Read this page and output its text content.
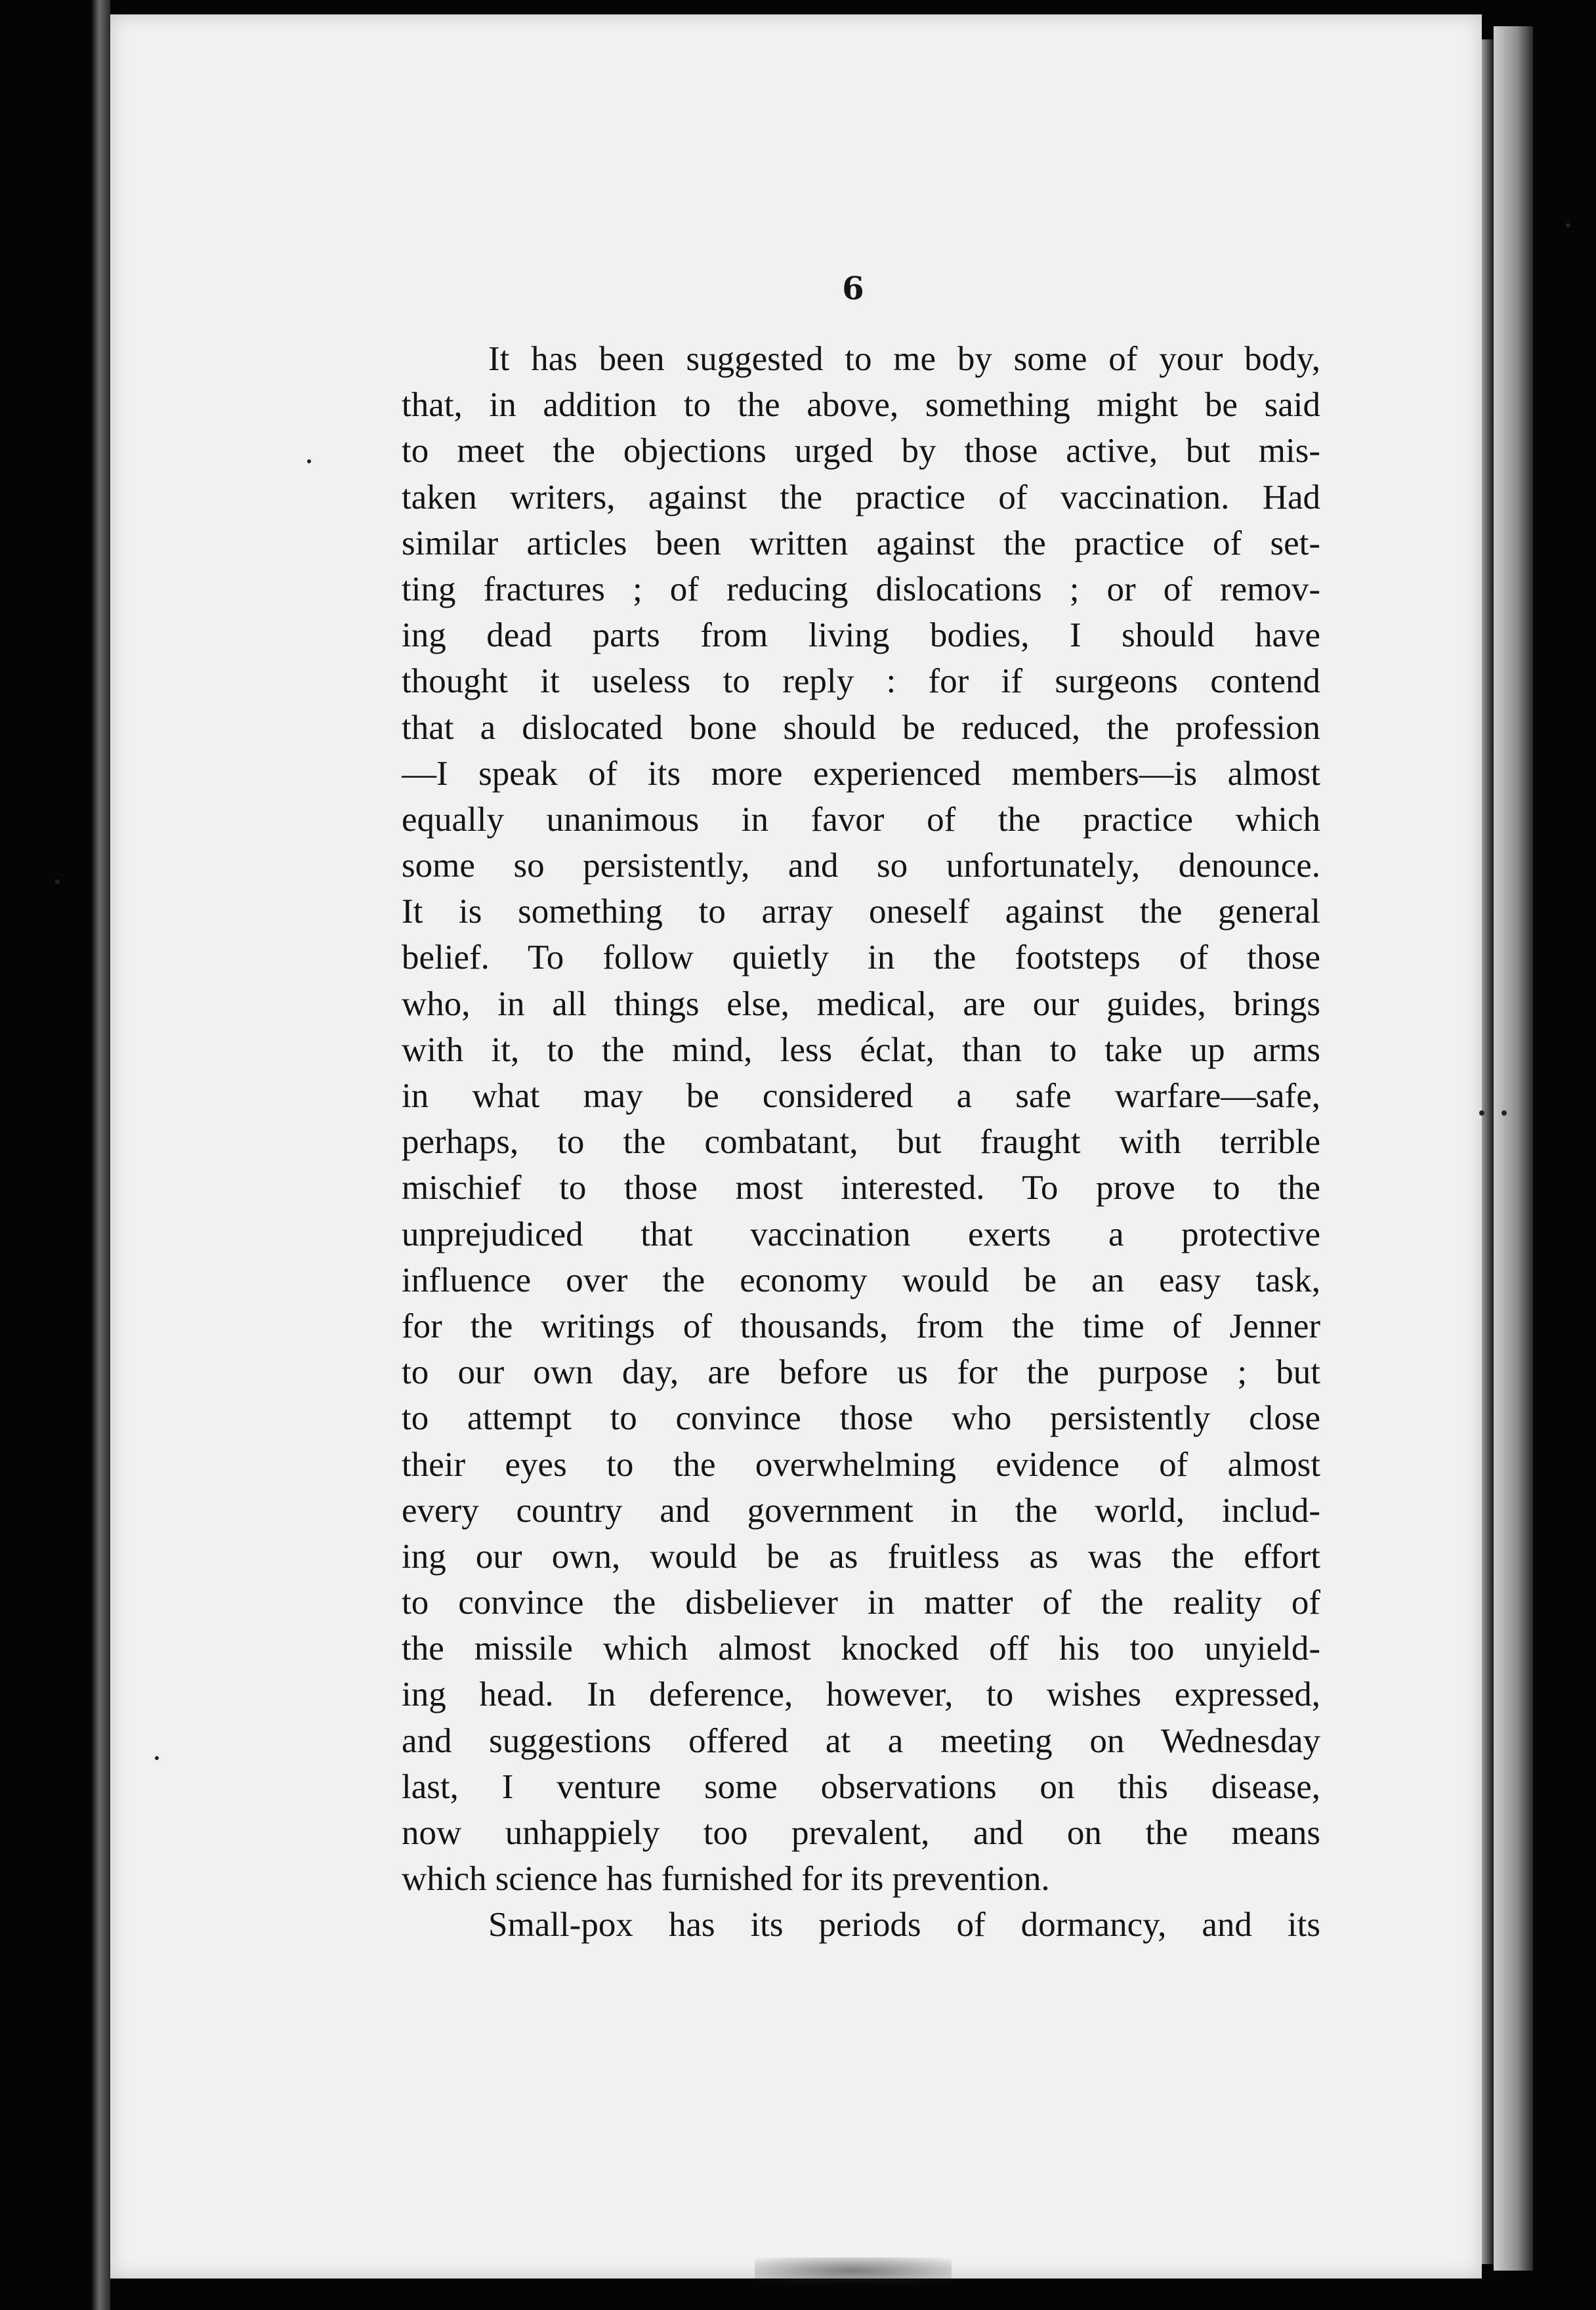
6
It has been suggested to me by some of your body,
that, in addition to the above, something might be said
to meet the objections urged by those active, but mis-
taken writers, against the practice of vaccination. Had
similar articles been written against the practice of set-
ting fractures ; of reducing dislocations ; or of remov-
ing dead parts from living bodies, I should have
thought it useless to reply : for if surgeons contend
that a dislocated bone should be reduced, the profession
—I speak of its more experienced members—is almost
equally unanimous in favor of the practice which
some so persistently, and so unfortunately, denounce.
It is something to array oneself against the general
belief. To follow quietly in the footsteps of those
who, in all things else, medical, are our guides, brings
with it, to the mind, less éclat, than to take up arms
in what may be considered a safe warfare—safe,
perhaps, to the combatant, but fraught with terrible
mischief to those most interested. To prove to the
unprejudiced that vaccination exerts a protective
influence over the economy would be an easy task,
for the writings of thousands, from the time of Jenner
to our own day, are before us for the purpose ; but
to attempt to convince those who persistently close
their eyes to the overwhelming evidence of almost
every country and government in the world, includ-
ing our own, would be as fruitless as was the effort
to convince the disbeliever in matter of the reality of
the missile which almost knocked off his too unyield-
ing head. In deference, however, to wishes expressed,
and suggestions offered at a meeting on Wednesday
last, I venture some observations on this disease,
now unhappiely too prevalent, and on the means
which science has furnished for its prevention.
Small-pox has its periods of dormancy, and its
